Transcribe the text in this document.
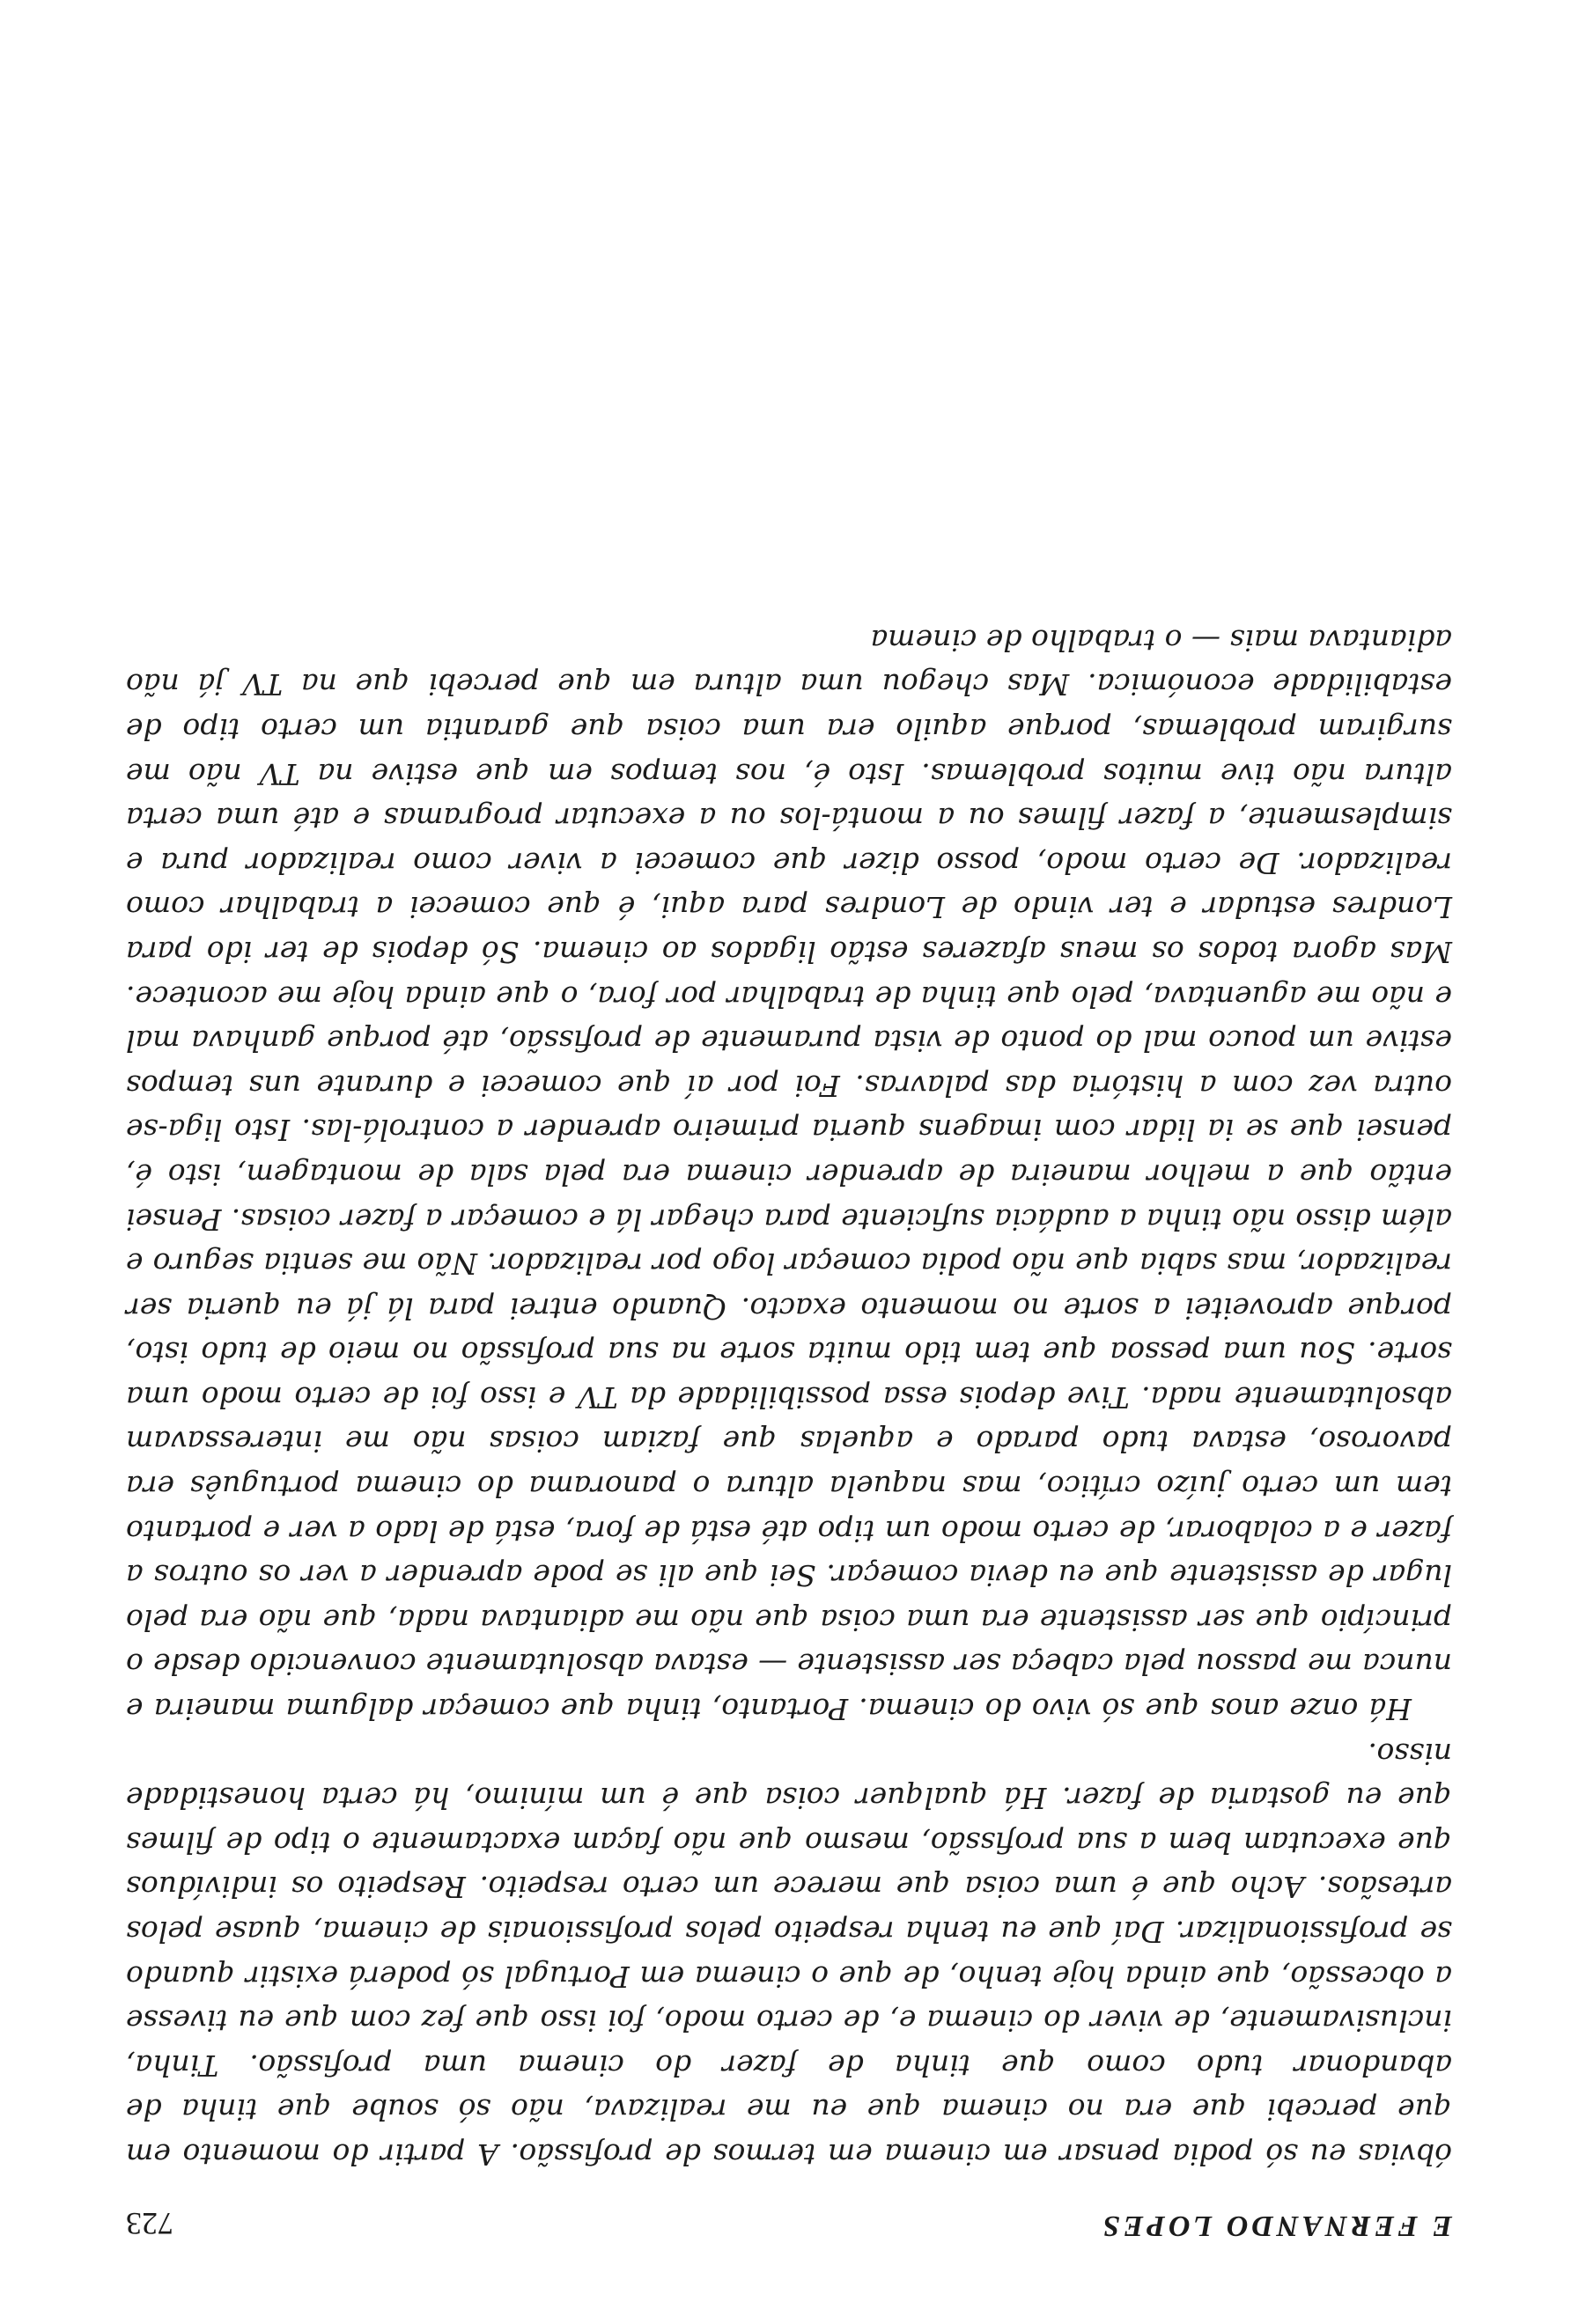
E FERNANDO LOPES
723

óbvias eu só podia pensar em cinema em termos de profissão. A partir do momento em que percebi que era no cinema que eu me realizava, não só soube que tinha de abandonar tudo como que tinha de fazer do cinema uma profissão. Tinha, inclusivamente, de viver do cinema e, de certo modo, foi isso que fez com que eu tivesse a obcessão, que ainda hoje tenho, de que o cinema em Portugal só poderá existir quando se profissionalizar. Daí que eu tenha respeito pelos profissionais de cinema, quase pelos artesãos. Acho que é uma coisa que merece um certo respeito. Respeito os indivíduos que executam bem a sua profissão, mesmo que não façam exactamente o tipo de filmes que eu gostaria de fazer. Há qualquer coisa que é um mínimo, há certa honestidade nisso.

Há onze anos que só vivo do cinema. Portanto, tinha que começar dalguma maneira e nunca me passou pela cabeça ser assistente — estava absolutamente convencido desde o princípio que ser assistente era uma coisa que não me adiantava nada, que não era pelo lugar de assistente que eu devia começar. Sei que ali se pode aprender a ver os outros a fazer e a colaborar, de certo modo um tipo até está de fora, está de lado a ver e portanto tem um certo juízo crítico, mas naquela altura o panorama do cinema português era pavoroso, estava tudo parado e aquelas que faziam coisas não me interessavam absolutamente nada. Tive depois essa possibilidade da TV e isso foi de certo modo uma sorte. Sou uma pessoa que tem tido muita sorte na sua profissão no meio de tudo isto, porque aproveitei a sorte no momento exacto. Quando entrei para lá já eu queria ser realizador, mas sabia que não podia começar logo por realizador. Não me sentia seguro e além disso não tinha a audácia suficiente para chegar lá e começar a fazer coisas. Pensei então que a melhor maneira de aprender cinema era pela sala de montagem, isto é, pensei que se ia lidar com imagens queria primeiro aprender a controlá-las. Isto liga-se outra vez com a história das palavras. Foi por aí que comecei e durante uns tempos estive um pouco mal do ponto de vista puramente de profissão, até porque ganhava mal e não me aguentava, pelo que tinha de trabalhar por fora, o que ainda hoje me acontece. Mas agora todos os meus afazeres estão ligados ao cinema. Só depois de ter ido para Londres estudar e ter vindo de Londres para aqui, é que comecei a trabalhar como realizador. De certo modo, posso dizer que comecei a viver como realizador pura e simplesmente, a fazer filmes ou a montá-los ou a executar programas e até uma certa altura não tive muitos problemas. Isto é, nos tempos em que estive na TV não me surgiram problemas, porque aquilo era uma coisa que garantia um certo tipo de estabilidade económica. Mas chegou uma altura em que percebi que na TV já não adiantava mais — o trabalho de cinema
